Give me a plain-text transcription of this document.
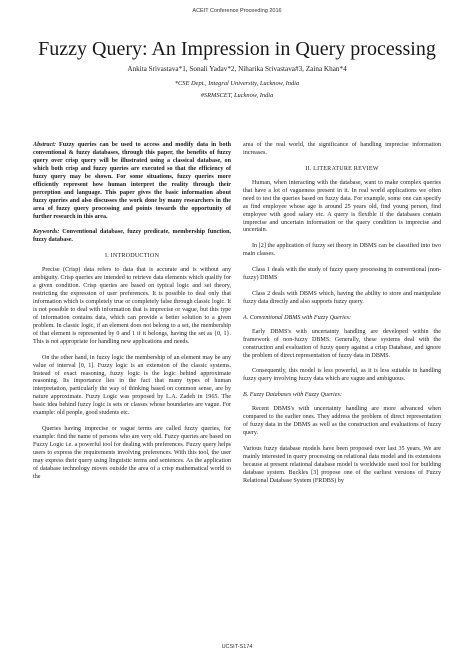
ACEIT Conference Proceeding 2016
Fuzzy Query: An Impression in Query processing
Ankita Srivastava*1, Sonali Yadav*2, Niharika Srivastava#3, Zaina Khan*4
*CSE Dept., Integral University, Lucknow, India
#SRMSCET, Lucknow, India

Abstract: Fuzzy queries can be used to access and modify data in both conventional & fuzzy databases, through this paper, the benefits of fuzzy query over crisp query will be illustrated using a classical database, on which both crisp and fuzzy queries are executed so that the efficiency of fuzzy query may be shown. For some situations, fuzzy queries more efficiently represent how human interpret the reality through their perception and language. This paper gives the basic information about fuzzy queries and also discusses the work done by many researchers in the area of fuzzy query processing and points towards the opportunity of further research in this area.

Keywords: Conventional database, fuzzy predicate, membership function, fuzzy database.

I. INTRODUCTION

Precise (Crisp) data refers to data that is accurate and is without any ambiguity. Crisp queries are intended to retrieve data elements which qualify for a given condition. Crisp queries are based on typical logic and set theory, restricting the expression of user preferences. It is possible to deal only that information which is completely true or completely false through classic logic. It is not possible to deal with information that is imprecise or vague, but this type of information contains data, which can provide a better solution to a given problem. In classic logic, if an element does not belong to a set, the membership of that element is represented by 0 and 1 if it belongs, having the set as {0, 1}. This is not appropriate for handling new applications and needs.

On the other hand, in fuzzy logic the membership of an element may be any value of interval [0, 1]. Fuzzy logic is an extension of the classic systems. Instead of exact reasoning, fuzzy logic is the logic behind approximate reasoning. Its importance lies in the fact that many types of human interpretation, particularly the way of thinking based on common sense, are by nature approximate. Fuzzy Logic was proposed by L.A. Zadeh in 1965. The basic idea behind fuzzy logic is sets or classes whose boundaries are vague. For example: old people, good students etc.

Queries having imprecise or vague terms are called fuzzy queries, for example: find the name of persons who are very old. Fuzzy queries are based on Fuzzy Logic i.e. a powerful tool for dealing with preferences. Fuzzy query helps users to express the requirements involving preferences. With this tool, the user may express their query using linguistic terms and sentences. As the application of database technology moves outside the area of a crisp mathematical world to the

area of the real world, the significance of handling imprecise information increases.

II. LITERATURE REVIEW

Human, when interacting with the database, want to make complex queries that have a lot of vagueness present in it. In real world applications we often need to test the queries based on fuzzy data. For example, some one can specify as find employee whose age is around 25 years old, find young person, find employee with good salary etc. A query is flexible if the databases contain imprecise and uncertain information or the query condition is imprecise and uncertain.

In [2] the application of fuzzy set theory in DBMS can be classified into two main classes.

Class 1 deals with the study of fuzzy query processing in conventional (non-fuzzy) DBMS

Class 2 deals with DBMS which, having the ability to store and manipulate fuzzy data directly and also supports fuzzy query.

A. Conventional DBMS with Fuzzy Queries:

Early DBMS's with uncertainty handling are developed within the framework of non-fuzzy DBMS. Generally, these systems deal with the construction and evaluation of fuzzy query against a crisp Database, and ignore the problem of direct representation of fuzzy data in DBMS.

Consequently, this model is less powerful, as it is less suitable in handling fuzzy query involving fuzzy data which are vague and ambiguous.

B. Fuzzy Databases with Fuzzy Queries:

Recent DBMS's with uncertainty handling are more advanced when compared to the earlier ones. They address the problem of direct representation of fuzzy data in the DBMS as well as the construction and evaluations of fuzzy query.

Various fuzzy database models have been proposed over last 35 years. We are mainly interested in query processing on relational data model and its extensions because at present relational database model is worldwide used tool for building database system. Buckles [3] propose one of the earliest versions of Fuzzy Relational Database System (FRDBS) by

UCSIT-S174
